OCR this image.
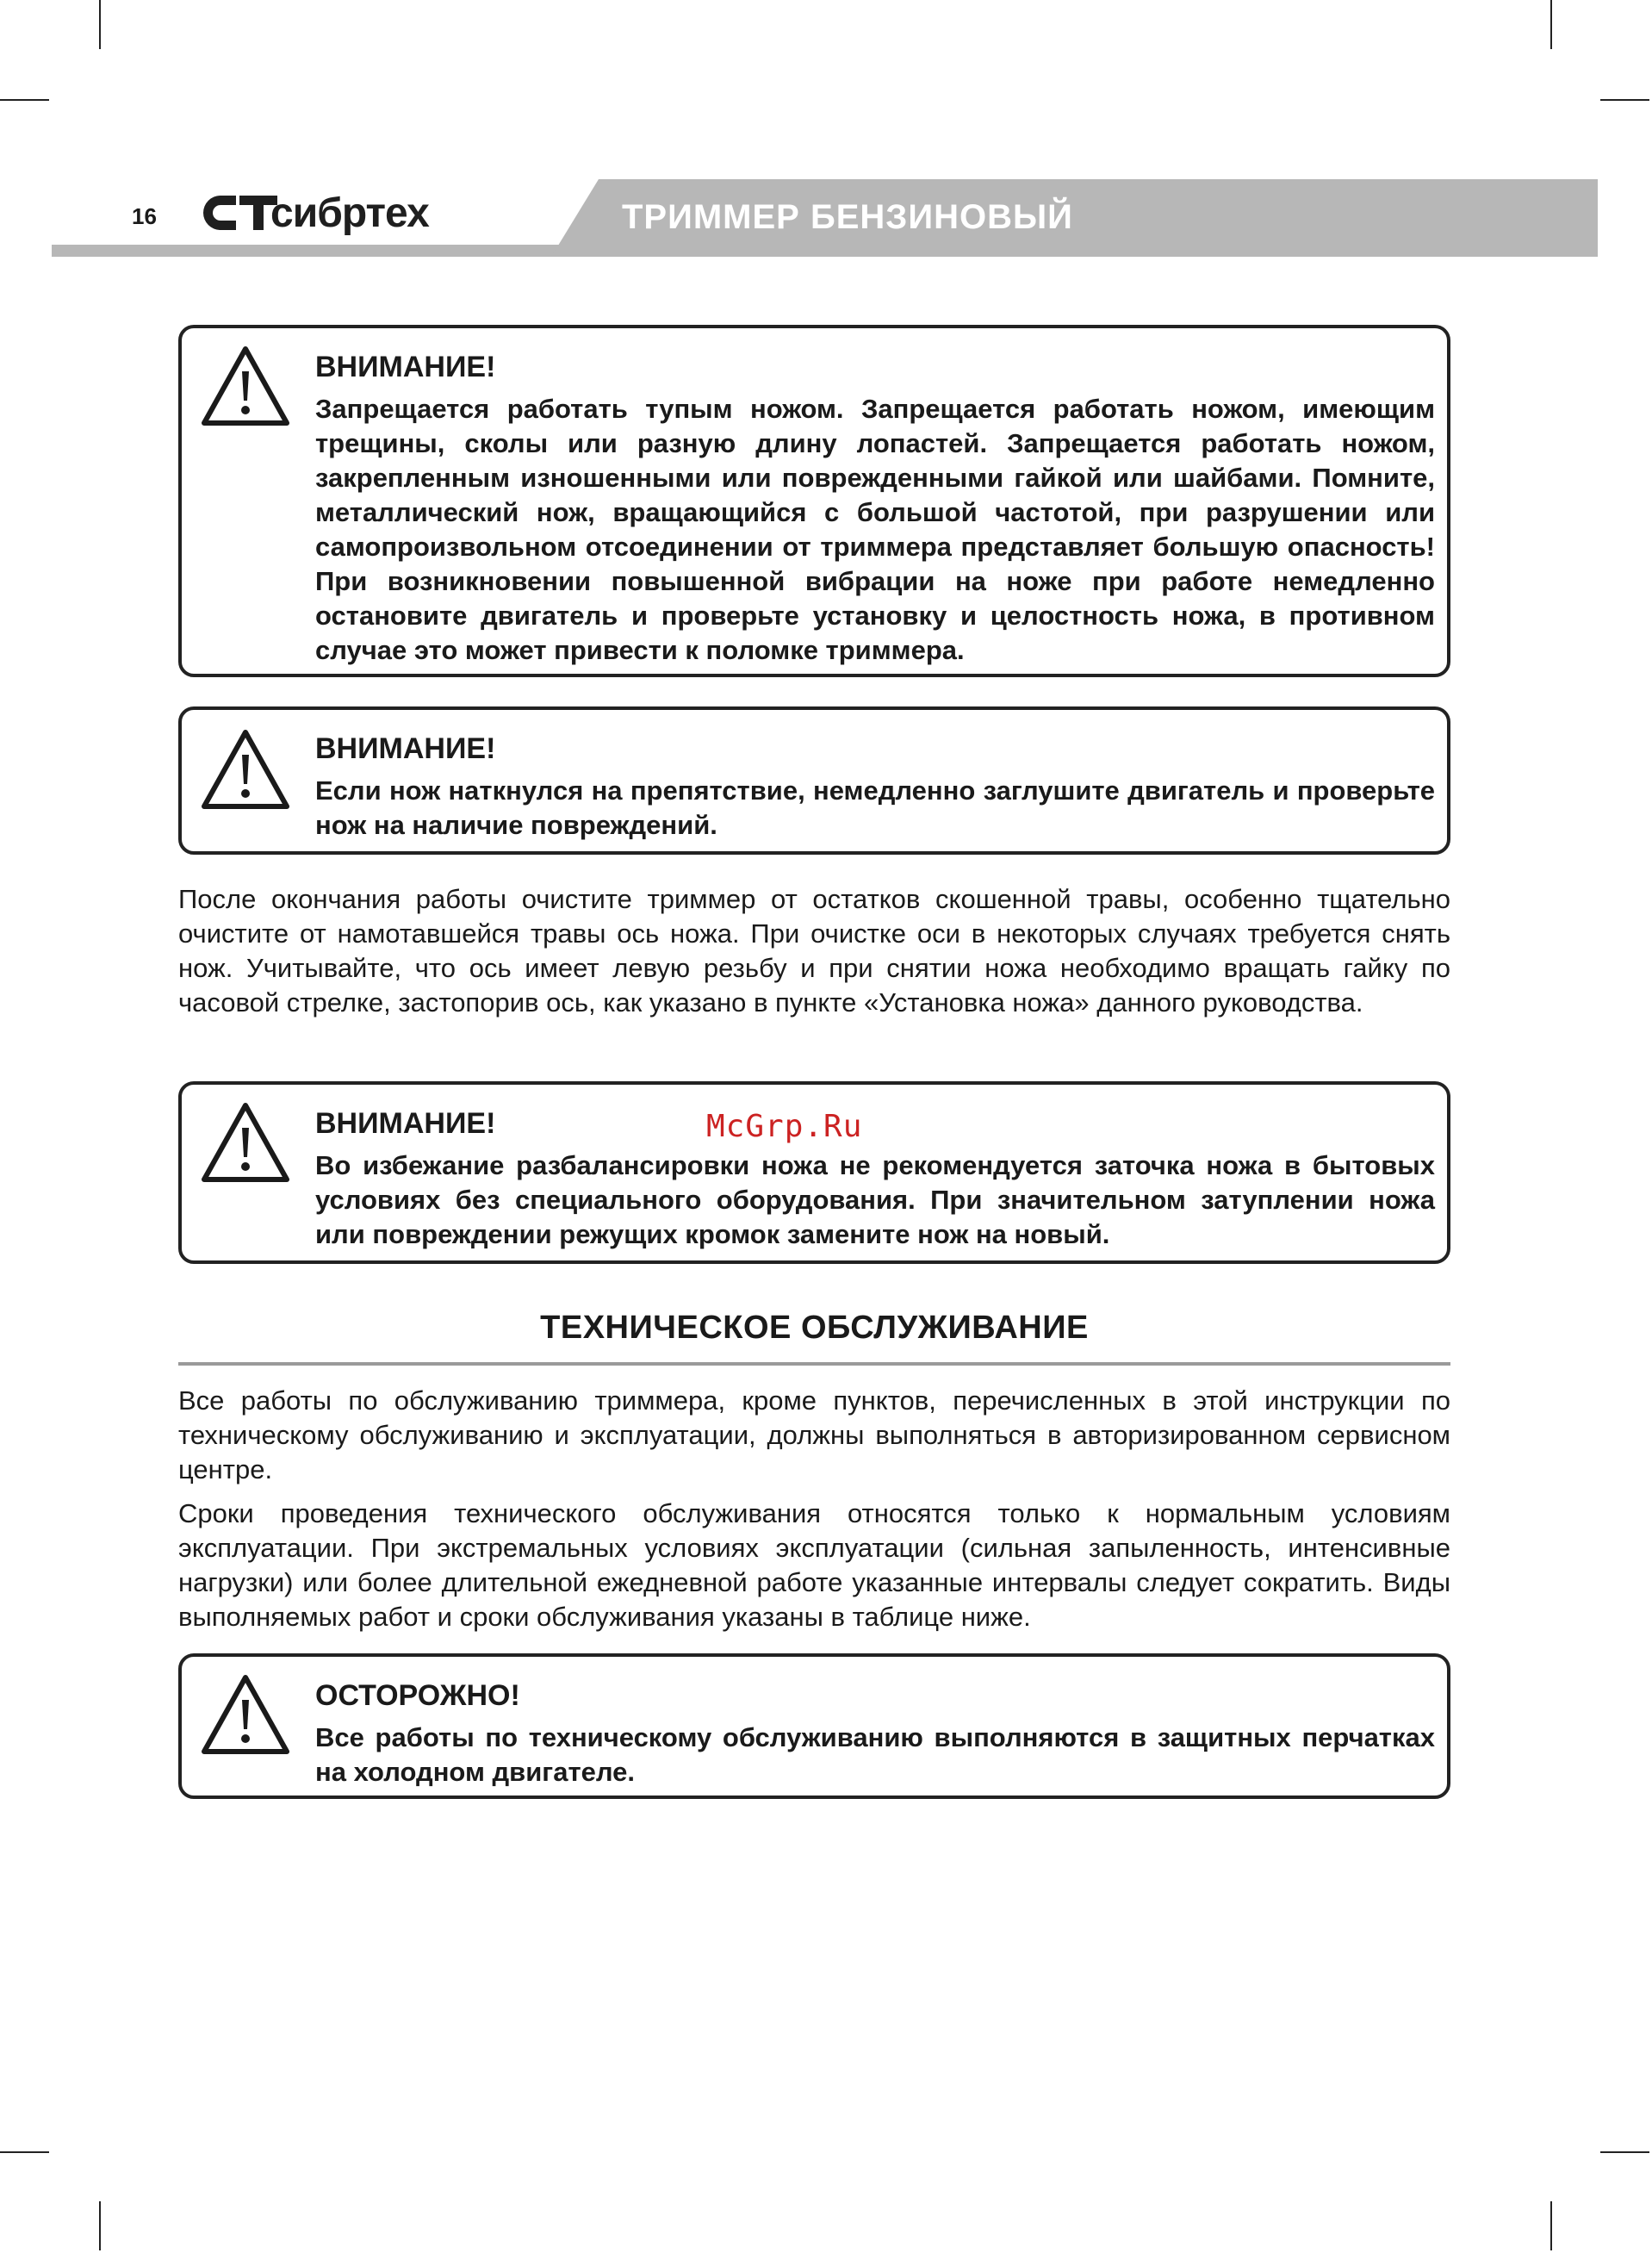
ТРИММЕР БЕНЗИНОВЫЙ
16	сибртех
ВНИМАНИЕ!
Запрещается работать тупым ножом. Запрещается работать ножом, имеющим трещины, сколы или разную длину лопастей. Запрещается работать ножом, закрепленным изношенными или поврежденными гайкой или шайбами. Помните, металлический нож, вращающийся с большой частотой, при разрушении или самопроизвольном отсоединении от триммера представляет большую опасность! При возникновении повышенной вибрации на ноже при работе немедленно остановите двигатель и проверьте установку и целостность ножа, в противном случае это может привести к поломке триммера.
ВНИМАНИЕ!
Если нож наткнулся на препятствие, немедленно заглушите двигатель и проверьте нож на наличие повреждений.
После окончания работы очистите триммер от остатков скошенной травы, особенно тщательно очистите от намотавшейся травы ось ножа. При очистке оси в некоторых случаях требуется снять нож. Учитывайте, что ось имеет левую резьбу и при снятии ножа необходимо вращать гайку по часовой стрелке, застопорив ось, как указано в пункте «Установка ножа» данного руководства.
ВНИМАНИЕ!
Во избежание разбалансировки ножа не рекомендуется заточка ножа в бытовых условиях без специального оборудования. При значительном затуплении ножа или повреждении режущих кромок замените нож на новый.
McGrp.Ru
ТЕХНИЧЕСКОЕ ОБСЛУЖИВАНИЕ
Все работы по обслуживанию триммера, кроме пунктов, перечисленных в этой инструкции по техническому обслуживанию и эксплуатации, должны выполняться в авторизированном сервисном центре.
Сроки проведения технического обслуживания относятся только к нормальным условиям эксплуатации. При экстремальных условиях эксплуатации (сильная запыленность, интенсивные нагрузки) или более длительной ежедневной работе указанные интервалы следует сократить. Виды выполняемых работ и сроки обслуживания указаны в таблице ниже.
ОСТОРОЖНО!
Все работы по техническому обслуживанию выполняются в защитных перчатках на холодном двигателе.
